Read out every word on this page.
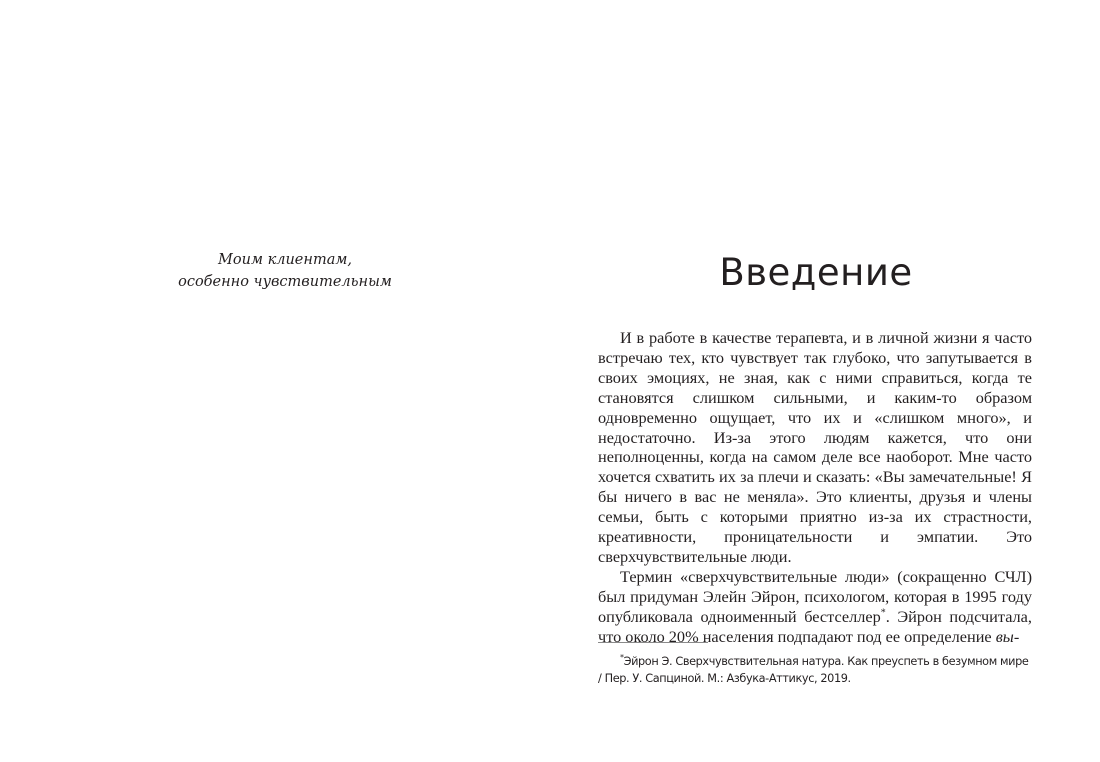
Моим клиентам,
особенно чувствительным	Введение

И в работе в качестве терапевта, и в личной жизни я часто встречаю тех, кто чувствует так глубоко, что запутывается в своих эмоциях, не зная, как с ними справиться, когда те становятся слишком сильными, и каким-то образом одновременно ощущает, что их и «слишком много», и недостаточно. Из-за этого людям кажется, что они неполноценны, когда на самом деле все наоборот. Мне часто хочется схватить их за плечи и сказать: «Вы замечательные! Я бы ничего в вас не меняла». Это клиенты, друзья и члены семьи, быть с которыми приятно из-за их страстности, креативности, проницательности и эмпатии. Это сверхчувствительные люди.

Термин «сверхчувствительные люди» (сокращенно СЧЛ) был придуман Элейн Эйрон, психологом, которая в 1995 году опубликовала одноименный бестселлер*. Эйрон подсчитала, что около 20% населения подпадают под ее определение вы-

*Эйрон Э. Сверхчувствительная натура. Как преуспеть в безумном мире / Пер. У. Сапциной. М.: Азбука-Аттикус, 2019.
